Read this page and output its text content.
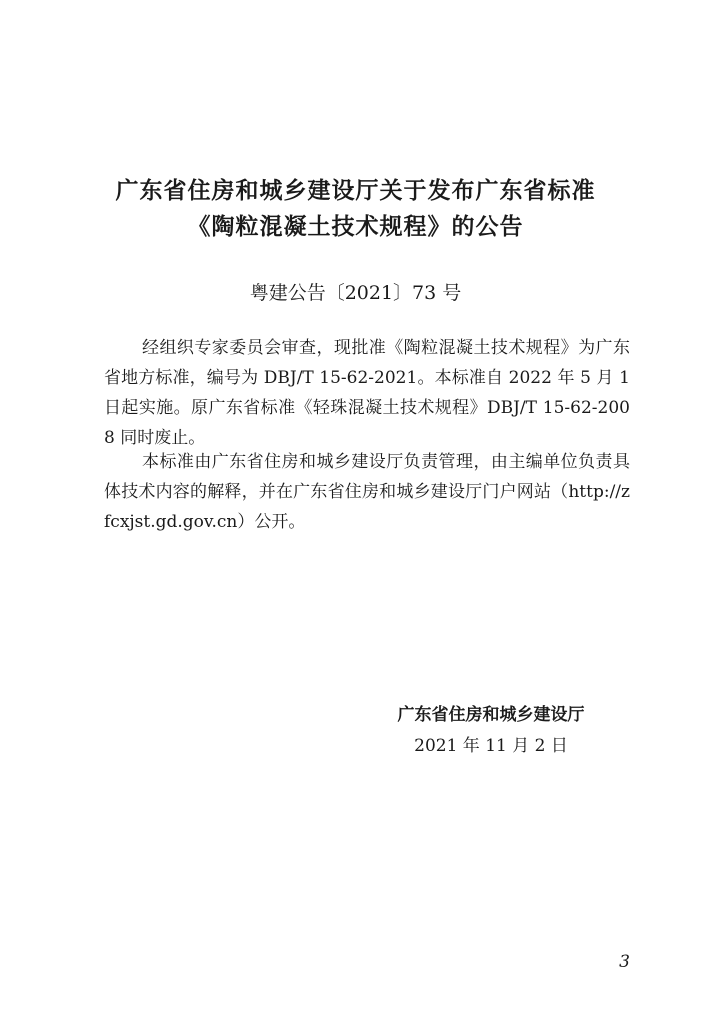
广东省住房和城乡建设厅关于发布广东省标准
《陶粒混凝土技术规程》的公告
粤建公告〔2021〕73 号

经组织专家委员会审查，现批准《陶粒混凝土技术规程》为广东省地方标准，编号为 DBJ/T 15-62-2021。本标准自 2022 年 5 月 1 日起实施。原广东省标准《轻珠混凝土技术规程》DBJ/T 15-62-2008 同时废止。

本标准由广东省住房和城乡建设厅负责管理，由主编单位负责具体技术内容的解释，并在广东省住房和城乡建设厅门户网站（http://zfcxjst.gd.gov.cn）公开。

广东省住房和城乡建设厅
2021 年 11 月 2 日
3
